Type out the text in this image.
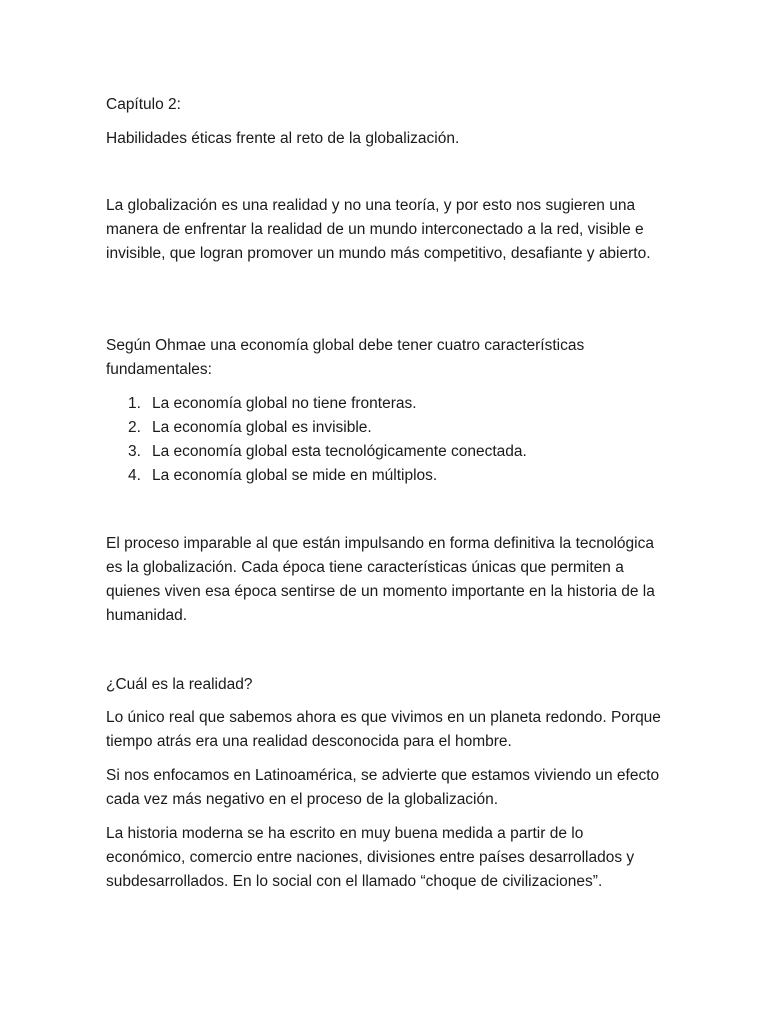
Capítulo 2:

Habilidades éticas frente al reto de la globalización.

La globalización es una realidad y no una teoría, y por esto nos sugieren una manera de enfrentar la realidad de un mundo interconectado a la red, visible e invisible, que logran promover un mundo más competitivo, desafiante y abierto.

Según Ohmae una economía global debe tener cuatro características fundamentales:

1. La economía global no tiene fronteras.
2. La economía global es invisible.
3. La economía global esta tecnológicamente conectada.
4. La economía global se mide en múltiplos.

El proceso imparable al que están impulsando en forma definitiva la tecnológica es la globalización. Cada época tiene características únicas que permiten a quienes viven esa época sentirse de un momento importante en la historia de la humanidad.

¿Cuál es la realidad?

Lo único real que sabemos ahora es que vivimos en un planeta redondo. Porque tiempo atrás era una realidad desconocida para el hombre.

Si nos enfocamos en Latinoamérica, se advierte que estamos viviendo un efecto cada vez más negativo en el proceso de la globalización.

La historia moderna se ha escrito en muy buena medida a partir de lo económico, comercio entre naciones, divisiones entre países desarrollados y subdesarrollados. En lo social con el llamado “choque de civilizaciones”.
